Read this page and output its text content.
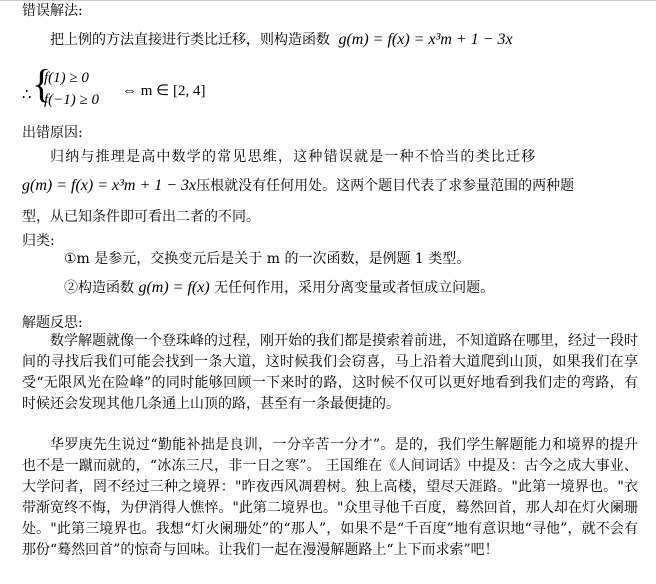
错误解法:
把上例的方法直接进行类比迁移，则构造函数 g(m) = f(x) = x³m + 1 − 3x
∴ {
f(1) ≥ 0
f(−1) ≥ 0
⇔ m ∈ [2, 4]
出错原因:
归纳与推理是高中数学的常见思维，这种错误就是一种不恰当的类比迁移
g(m) = f(x) = x³m + 1 − 3x压根就没有任何用处。这两个题目代表了求参量范围的两种题
型，从已知条件即可看出二者的不同。
归类:
①m 是参元，交换变元后是关于 m 的一次函数，是例题 1 类型。
②构造函数 g(m) = f(x) 无任何作用，采用分离变量或者恒成立问题。
解题反思:

数学解题就像一个登珠峰的过程，刚开始的我们都是摸索着前进，不知道路在哪里，经过一段时间的寻找后我们可能会找到一条大道，这时候我们会窃喜，马上沿着大道爬到山顶，如果我们在享受“无限风光在险峰”的同时能够回顾一下来时的路，这时候不仅可以更好地看到我们走的弯路，有时候还会发现其他几条通上山顶的路，甚至有一条最便捷的。

华罗庚先生说过“勤能补拙是良训，一分辛苦一分才”。是的，我们学生解题能力和境界的提升也不是一蹴而就的，“冰冻三尺，非一日之寒”。 王国维在《人间词话》中提及：古今之成大事业、大学问者，罔不经过三种之境界："昨夜西风凋碧树。独上高楼，望尽天涯路。"此第一境界也。"衣带渐宽终不悔，为伊消得人憔悴。"此第二境界也。"众里寻他千百度，蓦然回首，那人却在灯火阑珊处。"此第三境界也。我想“灯火阑珊处”的“那人”，如果不是“千百度”地有意识地“寻他”，就不会有那份“蓦然回首”的惊奇与回味。让我们一起在漫漫解题路上“上下而求索”吧！
